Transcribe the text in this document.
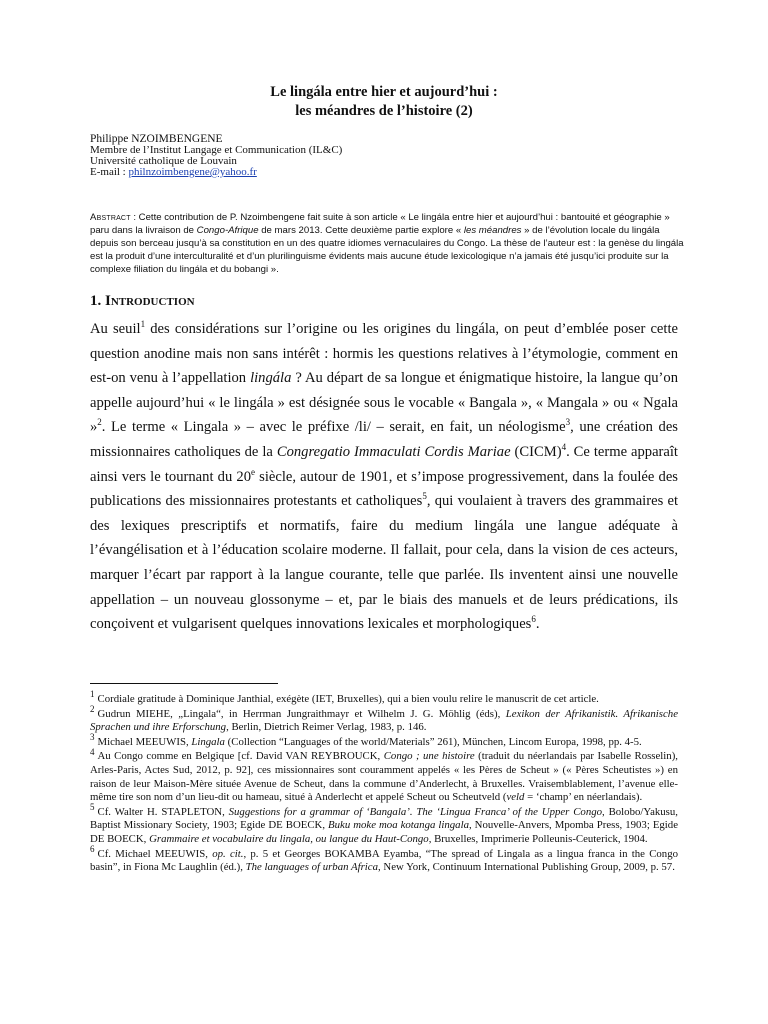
Le lingála entre hier et aujourd’hui :
les méandres de l’histoire (2)
Philippe NZOIMBENGENE
Membre de l’Institut Langage et Communication (IL&C)
Université catholique de Louvain
E-mail : philnzoimbengene@yahoo.fr
Abstract : Cette contribution de P. Nzoimbengene fait suite à son article « Le lingála entre hier et aujourd’hui : bantouité et géographie » paru dans la livraison de Congo-Afrique de mars 2013. Cette deuxième partie explore « les méandres » de l’évolution locale du lingála depuis son berceau jusqu’à sa constitution en un des quatre idiomes vernaculaires du Congo. La thèse de l’auteur est : la genèse du lingála est la produit d’une interculturalité et d’un plurilinguisme évidents mais aucune étude lexicologique n’a jamais été jusqu’ici produite sur la complexe filiation du lingála et du bobangi ».
1. Introduction

Au seuil$^1$ des considérations sur l’origine ou les origines du lingála, on peut d’emblée poser cette question anodine mais non sans intérêt : hormis les questions relatives à l’étymologie, comment en est-on venu à l’appellation lingála ? Au départ de sa longue et énigmatique histoire, la langue qu’on appelle aujourd’hui « le lingála » est désignée sous le vocable « Bangala », « Mangala » ou « Ngala »$^2$. Le terme « Lingala » – avec le préfixe /li/ – serait, en fait, un néologisme$^3$, une création des missionnaires catholiques de la Congregatio Immaculati Cordis Mariae (CICM)$^4$. Ce terme apparaît ainsi vers le tournant du 20e siècle, autour de 1901, et s’impose progressivement, dans la foulée des publications des missionnaires protestants et catholiques$^5$, qui voulaient à travers des grammaires et des lexiques prescriptifs et normatifs, faire du medium lingála une langue adéquate à l’évangélisation et à l’éducation scolaire moderne. Il fallait, pour cela, dans la vision de ces acteurs, marquer l’écart par rapport à la langue courante, telle que parlée. Ils inventent ainsi une nouvelle appellation – un nouveau glossonyme – et, par le biais des manuels et de leurs prédications, ils conçoivent et vulgarisent quelques innovations lexicales et morphologiques$^6$.

$^1$ Cordiale gratitude à Dominique Janthial, exégète (IET, Bruxelles), qui a bien voulu relire le manuscrit de cet article.
$^2$ Gudrun MIEHE, „Lingala“, in Herrman Jungraithmayr et Wilhelm J. G. Möhlig (éds), Lexikon der Afrikanistik. Afrikanische Sprachen und ihre Erforschung, Berlin, Dietrich Reimer Verlag, 1983, p. 146.
$^3$ Michael MEEUWIS, Lingala (Collection “Languages of the world/Materials” 261), München, Lincom Europa, 1998, pp. 4-5.
$^4$ Au Congo comme en Belgique [cf. David VAN REYBROUCK, Congo ; une histoire (traduit du néerlandais par Isabelle Rosselin), Arles-Paris, Actes Sud, 2012, p. 92], ces missionnaires sont couramment appelés « les Pères de Scheut » (« Pères Scheutistes ») en raison de leur Maison-Mère située Avenue de Scheut, dans la commune d’Anderlecht, à Bruxelles. Vraisemblablement, l’avenue elle-même tire son nom d’un lieu-dit ou hameau, situé à Anderlecht et appelé Scheut ou Scheutveld (veld = ‘champ’ en néerlandais).
$^5$ Cf. Walter H. STAPLETON, Suggestions for a grammar of ‘Bangala’. The ‘Lingua Franca’ of the Upper Congo, Bolobo/Yakusu, Baptist Missionary Society, 1903; Egide DE BOECK, Buku moke moa kotanga lingala, Nouvelle-Anvers, Mpomba Press, 1903; Egide DE BOECK, Grammaire et vocabulaire du lingala, ou langue du Haut-Congo, Bruxelles, Imprimerie Polleunis-Ceuterick, 1904.
$^6$ Cf. Michael MEEUWIS, op. cit., p. 5 et Georges BOKAMBA Eyamba, “The spread of Lingala as a lingua franca in the Congo basin”, in Fiona Mc Laughlin (éd.), The languages of urban Africa, New York, Continuum International Publishing Group, 2009, p. 57.
